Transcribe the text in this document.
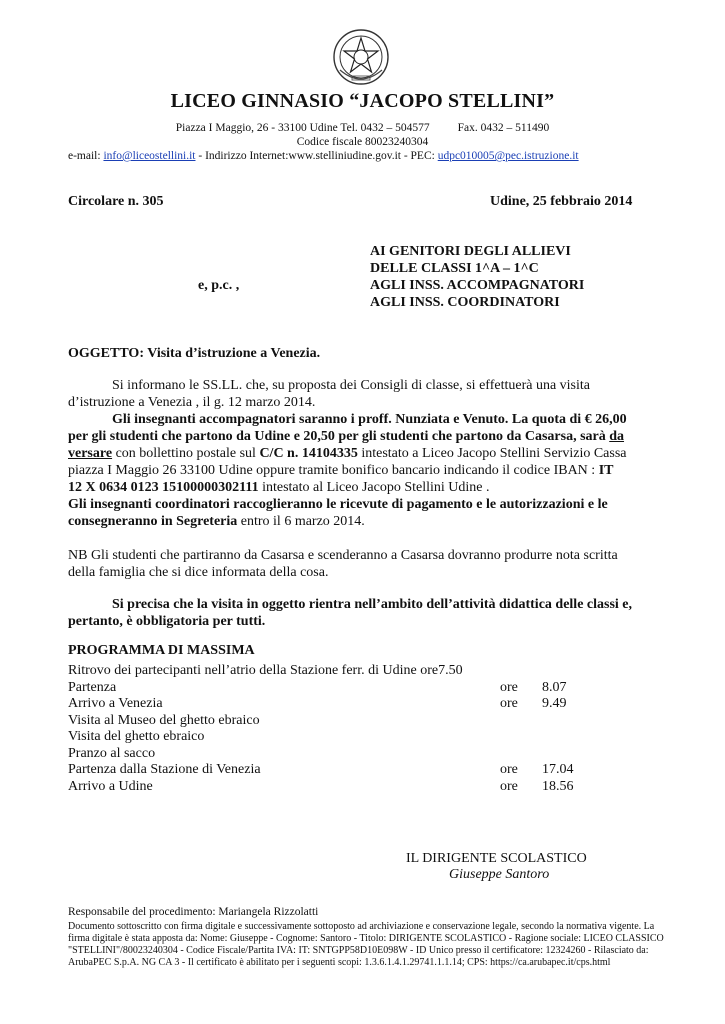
LICEO GINNASIO “JACOPO STELLINI”
Piazza I Maggio, 26 - 33100 Udine Tel. 0432 – 504577 Fax. 0432 – 511490
Codice fiscale 80023240304
e-mail: info@liceostellini.it - Indirizzo Internet:www.stelliniudine.gov.it - PEC: udpc010005@pec.istruzione.it
Circolare n. 305	Udine, 25 febbraio 2014
AI GENITORI DEGLI ALLIEVI
DELLE CLASSI 1^A – 1^C
e, p.c. ,	AGLI INSS. ACCOMPAGNATORI
AGLI INSS. COORDINATORI
OGGETTO: Visita d’istruzione a Venezia.
Si informano le SS.LL. che, su proposta dei Consigli di classe, si effettuerà una visita
d’istruzione a Venezia , il g. 12 marzo 2014.
Gli insegnanti accompagnatori saranno i proff. Nunziata e Venuto. La quota di € 26,00
per gli studenti che partono da Udine e 20,50 per gli studenti che partono da Casarsa, sarà da
versare con bollettino postale sul C/C n. 14104335 intestato a Liceo Jacopo Stellini Servizio Cassa
piazza I Maggio 26 33100 Udine oppure tramite bonifico bancario indicando il codice IBAN : IT
12 X 0634 0123 15100000302111 intestato al Liceo Jacopo Stellini Udine .
Gli insegnanti coordinatori raccoglieranno le ricevute di pagamento e le autorizzazioni e le
consegneranno in Segreteria entro il 6 marzo 2014.
NB Gli studenti che partiranno da Casarsa e scenderanno a Casarsa dovranno produrre nota scritta
della famiglia che si dice informata della cosa.
Si precisa che la visita in oggetto rientra nell’ambito dell’attività didattica delle classi e,
pertanto, è obbligatoria per tutti.
PROGRAMMA DI MASSIMA
Ritrovo dei partecipanti nell’atrio della Stazione ferr. di Udine ore7.50
Partenza	ore 8.07
Arrivo a Venezia	ore 9.49
Visita al Museo del ghetto ebraico
Visita del ghetto ebraico
Pranzo al sacco
Partenza dalla Stazione di Venezia	ore 17.04
Arrivo a Udine	ore 18.56
IL DIRIGENTE SCOLASTICO
Giuseppe Santoro
Responsabile del procedimento: Mariangela Rizzolatti
Documento sottoscritto con firma digitale e successivamente sottoposto ad archiviazione e conservazione legale, secondo la normativa vigente. La
firma digitale è stata apposta da: Nome: Giuseppe - Cognome: Santoro - Titolo: DIRIGENTE SCOLASTICO - Ragione sociale: LICEO CLASSICO
"STELLINI"/80023240304 - Codice Fiscale/Partita IVA: IT: SNTGPP58D10E098W - ID Unico presso il certificatore: 12324260 - Rilasciato da:
ArubaPEC S.p.A. NG CA 3 - Il certificato è abilitato per i seguenti scopi: 1.3.6.1.4.1.29741.1.1.14; CPS: https://ca.arubapec.it/cps.html
